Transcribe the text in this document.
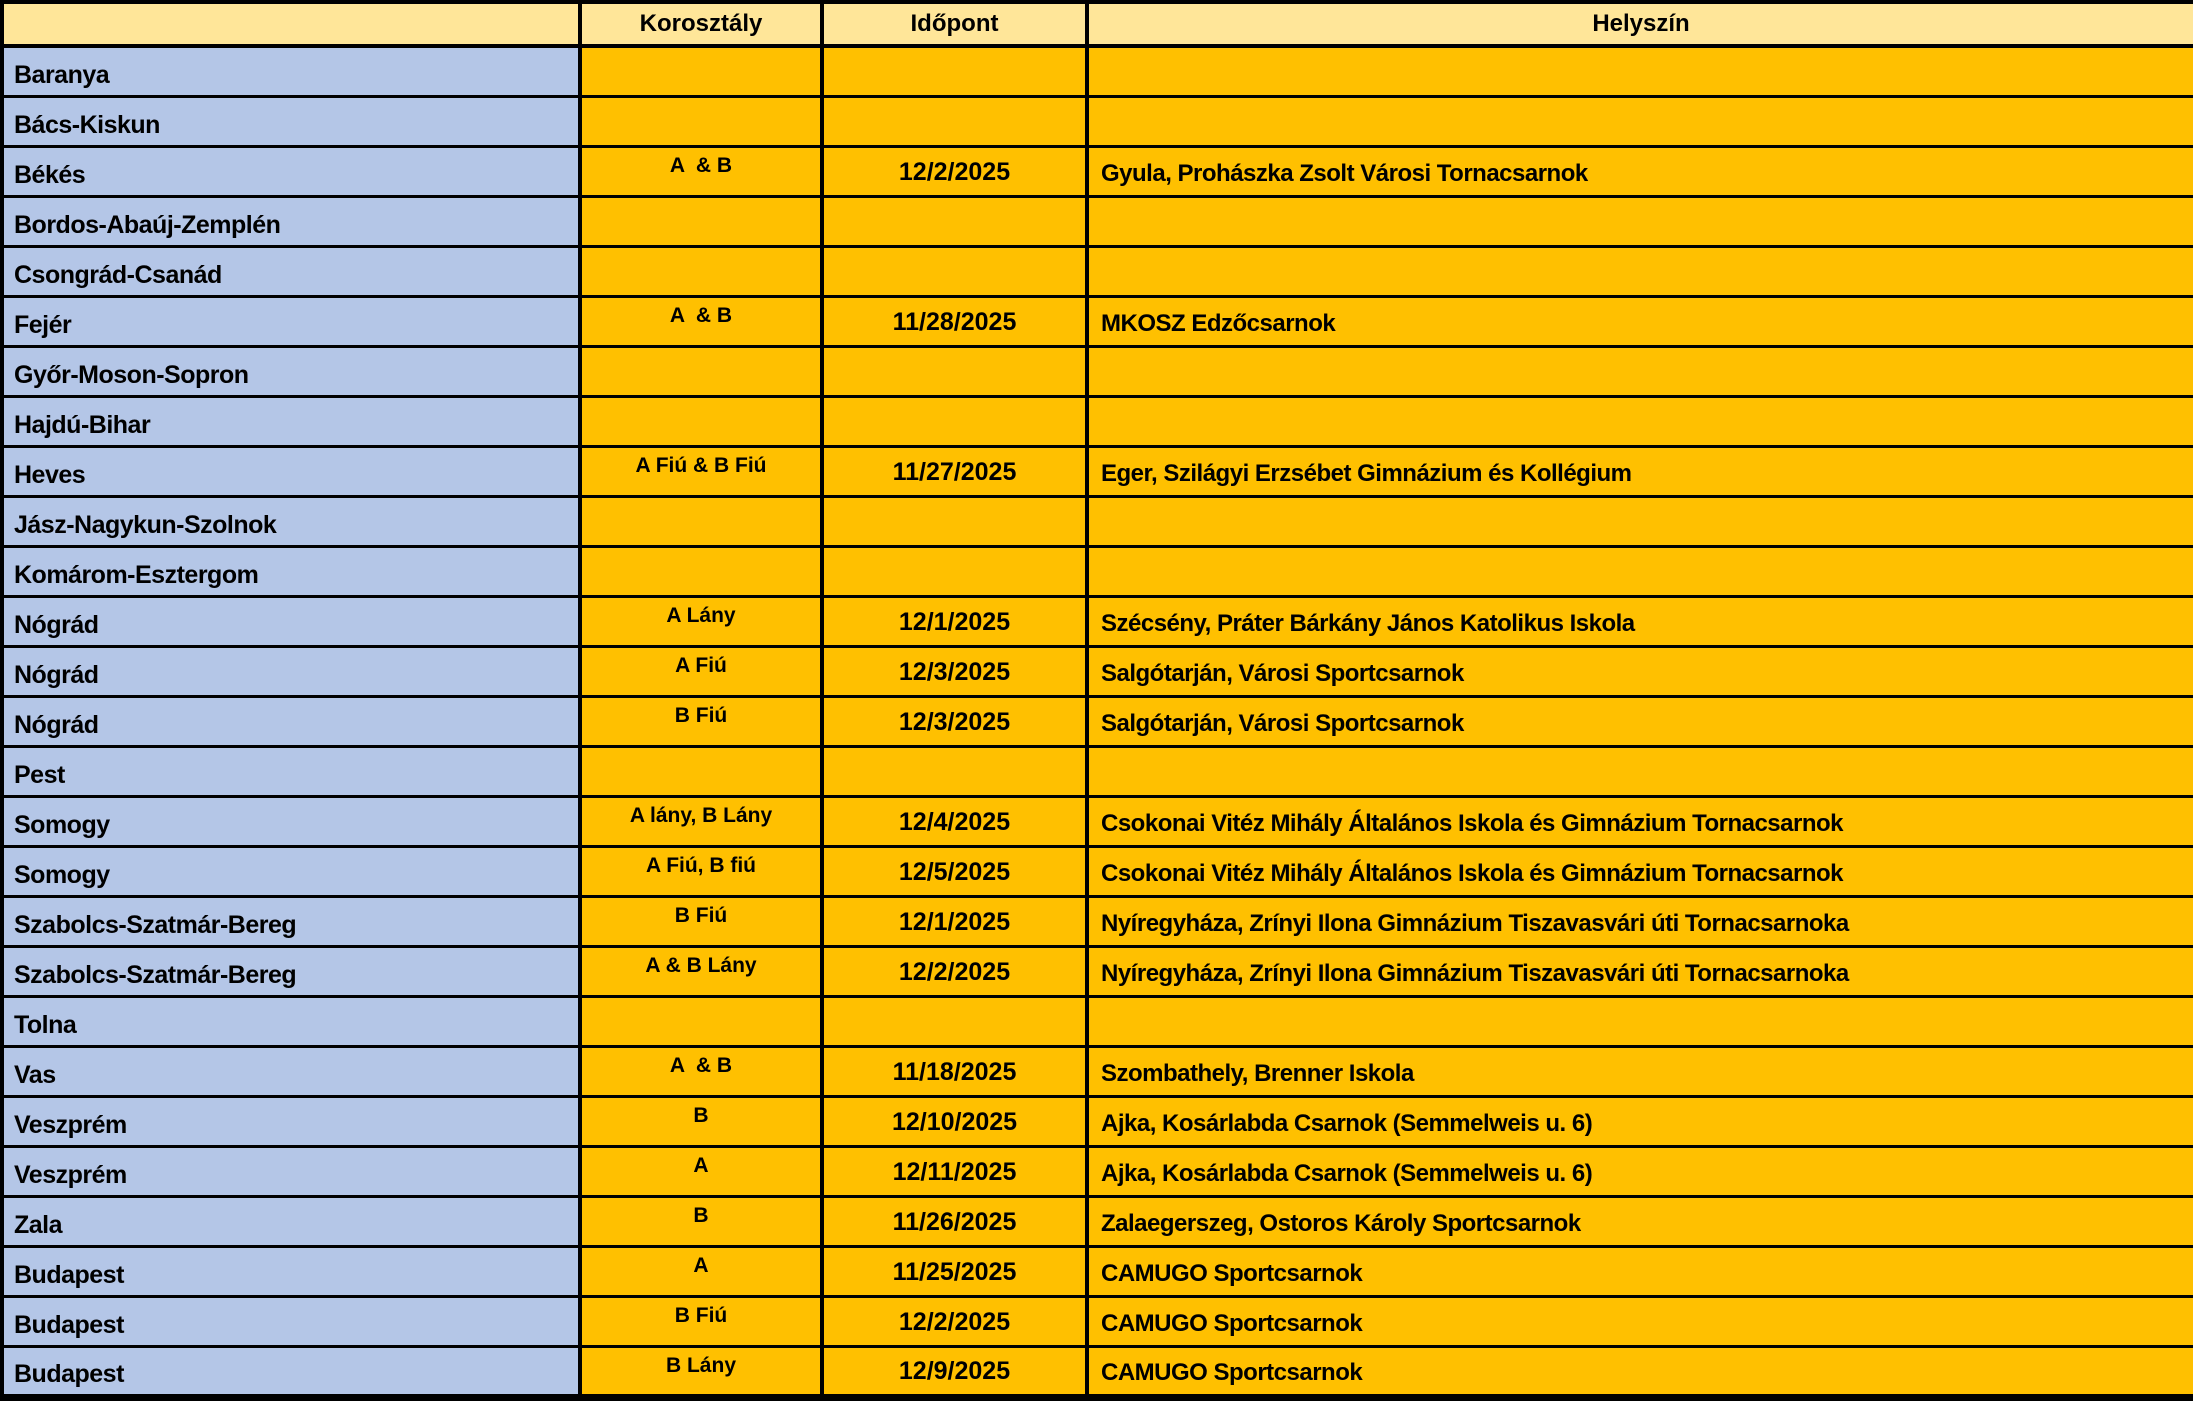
	Korosztály	Időpont	Helyszín
Baranya			
Bács-Kiskun			
Békés	A  & B	12/2/2025	Gyula, Prohászka Zsolt Városi Tornacsarnok
Bordos-Abaúj-Zemplén			
Csongrád-Csanád			
Fejér	A  & B	11/28/2025	MKOSZ Edzőcsarnok
Győr-Moson-Sopron			
Hajdú-Bihar			
Heves	A Fiú & B Fiú	11/27/2025	Eger, Szilágyi Erzsébet Gimnázium és Kollégium
Jász-Nagykun-Szolnok			
Komárom-Esztergom			
Nógrád	A Lány	12/1/2025	Szécsény, Práter Bárkány János Katolikus Iskola
Nógrád	A Fiú	12/3/2025	Salgótarján, Városi Sportcsarnok
Nógrád	B Fiú	12/3/2025	Salgótarján, Városi Sportcsarnok
Pest			
Somogy	A lány, B Lány	12/4/2025	Csokonai Vitéz Mihály Általános Iskola és Gimnázium Tornacsarnok
Somogy	A Fiú, B fiú	12/5/2025	Csokonai Vitéz Mihály Általános Iskola és Gimnázium Tornacsarnok
Szabolcs-Szatmár-Bereg	B Fiú	12/1/2025	Nyíregyháza, Zrínyi Ilona Gimnázium Tiszavasvári úti Tornacsarnoka
Szabolcs-Szatmár-Bereg	A & B Lány	12/2/2025	Nyíregyháza, Zrínyi Ilona Gimnázium Tiszavasvári úti Tornacsarnoka
Tolna			
Vas	A  & B	11/18/2025	Szombathely, Brenner Iskola
Veszprém	B	12/10/2025	Ajka, Kosárlabda Csarnok (Semmelweis u. 6)
Veszprém	A	12/11/2025	Ajka, Kosárlabda Csarnok (Semmelweis u. 6)
Zala	B	11/26/2025	Zalaegerszeg, Ostoros Károly Sportcsarnok
Budapest	A	11/25/2025	CAMUGO Sportcsarnok
Budapest	B Fiú	12/2/2025	CAMUGO Sportcsarnok
Budapest	B Lány	12/9/2025	CAMUGO Sportcsarnok
